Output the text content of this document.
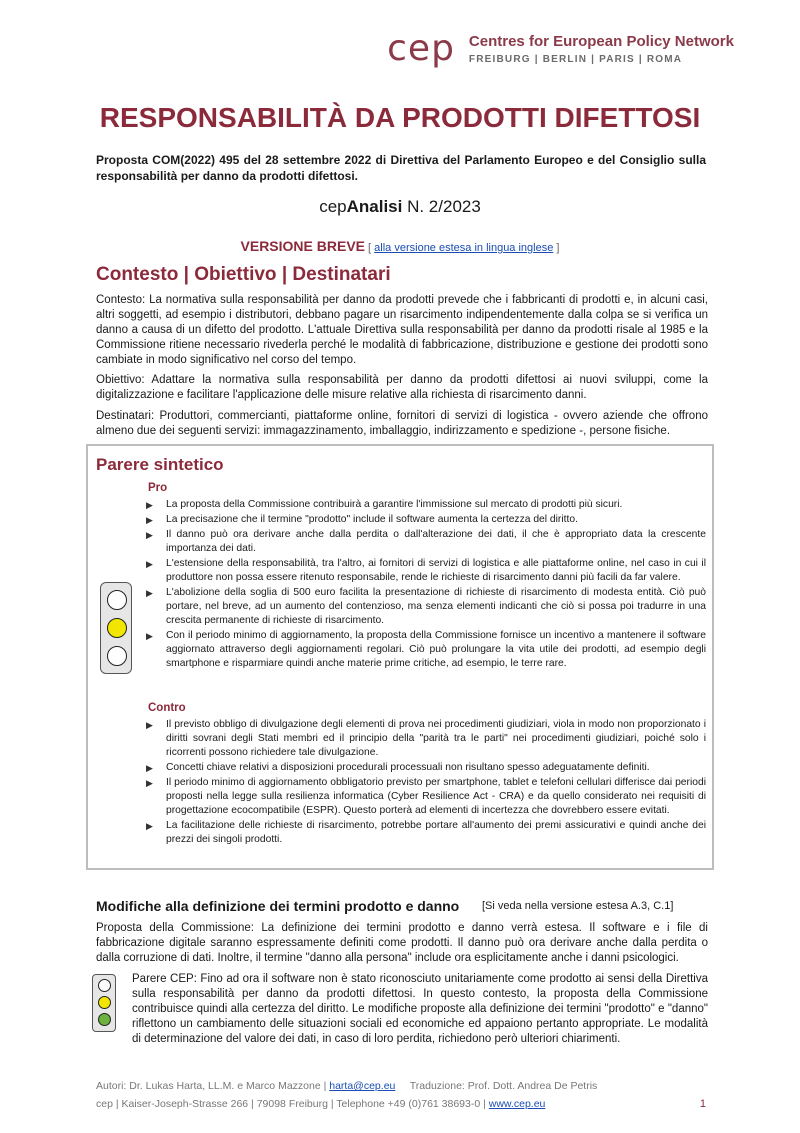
cep Centres for European Policy Network
FREIBURG | BERLIN | PARIS | ROMA
RESPONSABILITÀ DA PRODOTTI DIFETTOSI
Proposta COM(2022) 495 del 28 settembre 2022 di Direttiva del Parlamento Europeo e del Consiglio sulla responsabilità per danno da prodotti difettosi.
cepAnalisi N. 2/2023
VERSIONE BREVE [ alla versione estesa in lingua inglese ]
Contesto | Obiettivo | Destinatari
Contesto: La normativa sulla responsabilità per danno da prodotti prevede che i fabbricanti di prodotti e, in alcuni casi, altri soggetti, ad esempio i distributori, debbano pagare un risarcimento indipendentemente dalla colpa se si verifica un danno a causa di un difetto del prodotto. L'attuale Direttiva sulla responsabilità per danno da prodotti risale al 1985 e la Commissione ritiene necessario rivederla perché le modalità di fabbricazione, distribuzione e gestione dei prodotti sono cambiate in modo significativo nel corso del tempo.
Obiettivo: Adattare la normativa sulla responsabilità per danno da prodotti difettosi ai nuovi sviluppi, come la digitalizzazione e facilitare l'applicazione delle misure relative alla richiesta di risarcimento danni.
Destinatari: Produttori, commercianti, piattaforme online, fornitori di servizi di logistica - ovvero aziende che offrono almeno due dei seguenti servizi: immagazzinamento, imballaggio, indirizzamento e spedizione -, persone fisiche.
Parere sintetico
Pro
▶ La proposta della Commissione contribuirà a garantire l'immissione sul mercato di prodotti più sicuri.
▶ La precisazione che il termine "prodotto" include il software aumenta la certezza del diritto.
▶ Il danno può ora derivare anche dalla perdita o dall'alterazione dei dati, il che è appropriato data la crescente importanza dei dati.
▶ L'estensione della responsabilità, tra l'altro, ai fornitori di servizi di logistica e alle piattaforme online, nel caso in cui il produttore non possa essere ritenuto responsabile, rende le richieste di risarcimento danni più facili da far valere.
▶ L'abolizione della soglia di 500 euro facilita la presentazione di richieste di risarcimento di modesta entità. Ciò può portare, nel breve, ad un aumento del contenzioso, ma senza elementi indicanti che ciò si possa poi tradurre in una crescita permanente di richieste di risarcimento.
▶ Con il periodo minimo di aggiornamento, la proposta della Commissione fornisce un incentivo a mantenere il software aggiornato attraverso degli aggiornamenti regolari. Ciò può prolungare la vita utile dei prodotti, ad esempio degli smartphone e risparmiare quindi anche materie prime critiche, ad esempio, le terre rare.
Contro
▶ Il previsto obbligo di divulgazione degli elementi di prova nei procedimenti giudiziari, viola in modo non proporzionato i diritti sovrani degli Stati membri ed il principio della "parità tra le parti" nei procedimenti giudiziari, poiché solo i ricorrenti possono richiedere tale divulgazione.
▶ Concetti chiave relativi a disposizioni procedurali processuali non risultano spesso adeguatamente definiti.
▶ Il periodo minimo di aggiornamento obbligatorio previsto per smartphone, tablet e telefoni cellulari differisce dai periodi proposti nella legge sulla resilienza informatica (Cyber Resilience Act - CRA) e da quello considerato nei requisiti di progettazione ecocompatibile (ESPR). Questo porterà ad elementi di incertezza che dovrebbero essere evitati.
▶ La facilitazione delle richieste di risarcimento, potrebbe portare all'aumento dei premi assicurativi e quindi anche dei prezzi dei singoli prodotti.
Modifiche alla definizione dei termini prodotto e danno [Si veda nella versione estesa A.3, C.1]
Proposta della Commissione: La definizione dei termini prodotto e danno verrà estesa. Il software e i file di fabbricazione digitale saranno espressamente definiti come prodotti. Il danno può ora derivare anche dalla perdita o dalla corruzione di dati. Inoltre, il termine "danno alla persona" include ora esplicitamente anche i danni psicologici.
Parere CEP: Fino ad ora il software non è stato riconosciuto unitariamente come prodotto ai sensi della Direttiva sulla responsabilità per danno da prodotti difettosi. In questo contesto, la proposta della Commissione contribuisce quindi alla certezza del diritto. Le modifiche proposte alla definizione dei termini "prodotto" e "danno" riflettono un cambiamento delle situazioni sociali ed economiche ed appaiono pertanto appropriate. Le modalità di determinazione del valore dei dati, in caso di loro perdita, richiedono però ulteriori chiarimenti.
Autori: Dr. Lukas Harta, LL.M. e Marco Mazzone | harta@cep.eu     Traduzione: Prof. Dott. Andrea De Petris
cep | Kaiser-Joseph-Strasse 266 | 79098 Freiburg | Telephone +49 (0)761 38693-0 | www.cep.eu	1
